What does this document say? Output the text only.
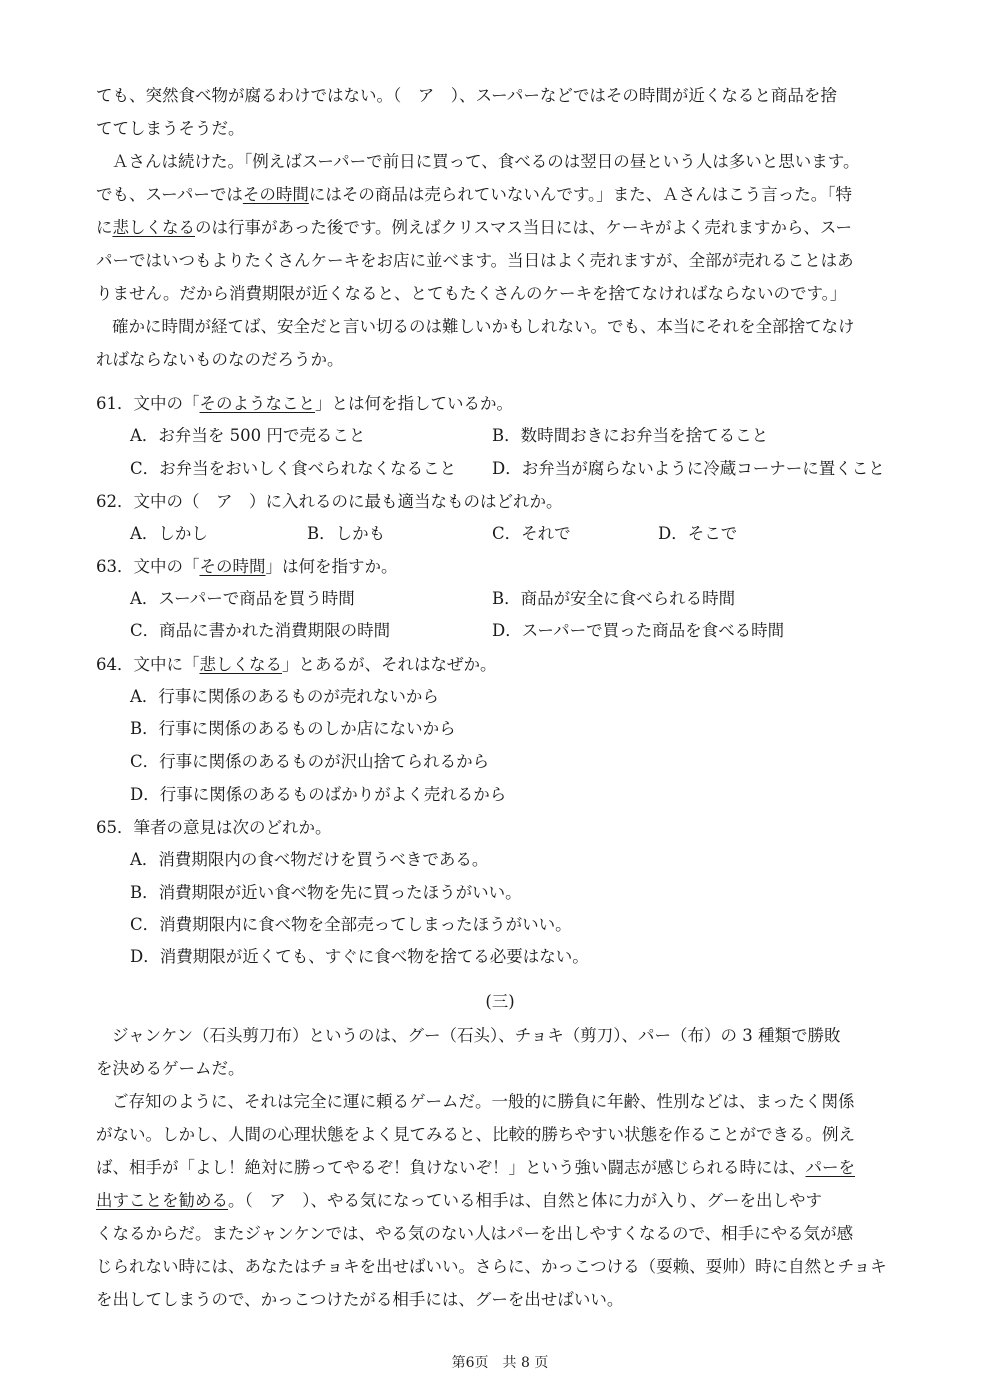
ても、突然食べ物が腐るわけではない。（　ア　）、スーパーなどではその時間が近くなると商品を捨
ててしまうそうだ。
Ａさんは続けた。「例えばスーパーで前日に買って、食べるのは翌日の昼という人は多いと思います。
でも、スーパーではその時間にはその商品は売られていないんです。」また、Ａさんはこう言った。「特
に悲しくなるのは行事があった後です。例えばクリスマス当日には、ケーキがよく売れますから、スー
パーではいつもよりたくさんケーキをお店に並べます。当日はよく売れますが、全部が売れることはあ
りません。だから消費期限が近くなると、とてもたくさんのケーキを捨てなければならないのです。」
確かに時間が経てば、安全だと言い切るのは難しいかもしれない。でも、本当にそれを全部捨てなけ
ればならないものなのだろうか。
61．文中の「そのようなこと」とは何を指しているか。
A．お弁当を 500 円で売ること	B．数時間おきにお弁当を捨てること
C．お弁当をおいしく食べられなくなること D．お弁当が腐らないように冷蔵コーナーに置くこと
62．文中の（　ア　）に入れるのに最も適当なものはどれか。
A．しかし	B．しかも	C．それで	D．そこで
63．文中の「その時間」は何を指すか。
A．スーパーで商品を買う時間	B．商品が安全に食べられる時間
C．商品に書かれた消費期限の時間	D．スーパーで買った商品を食べる時間
64．文中に「悲しくなる」とあるが、それはなぜか。
A．行事に関係のあるものが売れないから
B．行事に関係のあるものしか店にないから
C．行事に関係のあるものが沢山捨てられるから
D．行事に関係のあるものばかりがよく売れるから
65．筆者の意見は次のどれか。
A．消費期限内の食べ物だけを買うべきである。
B．消費期限が近い食べ物を先に買ったほうがいい。
C．消費期限内に食べ物を全部売ってしまったほうがいい。
D．消費期限が近くても、すぐに食べ物を捨てる必要はない。
(三)
ジャンケン（石头剪刀布）というのは、グー（石头）、チョキ（剪刀）、パー（布）の 3 種類で勝敗
を決めるゲームだ。
ご存知のように、それは完全に運に頼るゲームだ。一般的に勝負に年齢、性別などは、まったく関係
がない。しかし、人間の心理状態をよく見てみると、比較的勝ちやすい状態を作ることができる。例え
ば、相手が「よし！絶対に勝ってやるぞ！負けないぞ！」という強い闘志が感じられる時には、パーを
出すことを勧める。（　ア　）、やる気になっている相手は、自然と体に力が入り、グーを出しやす
くなるからだ。またジャンケンでは、やる気のない人はパーを出しやすくなるので、相手にやる気が感
じられない時には、あなたはチョキを出せばいい。さらに、かっこつける（耍赖、耍帅）時に自然とチョキ
を出してしまうので、かっこつけたがる相手には、グーを出せばいい。
第6页　共 8 页
